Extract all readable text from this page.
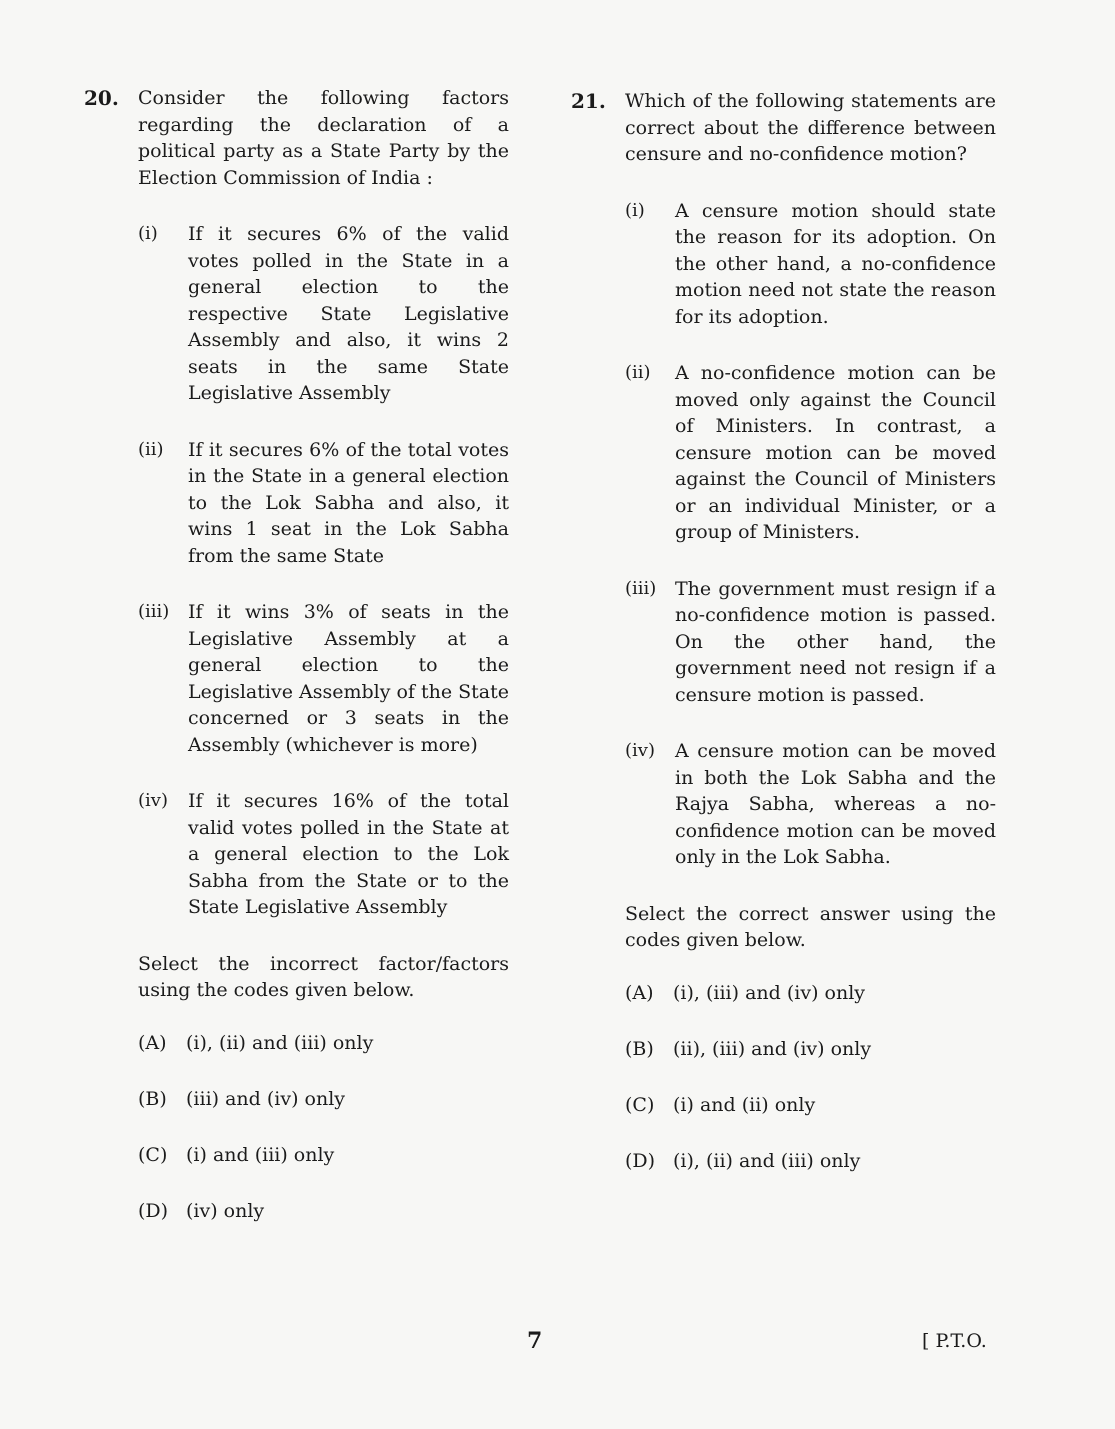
20.	Consider the following factors regarding the declaration of a political party as a State Party by the Election Commission of India :
(i)	If it secures 6% of the valid votes polled in the State in a general election to the respective State Legislative Assembly and also, it wins 2 seats in the same State Legislative Assembly
(ii)	If it secures 6% of the total votes in the State in a general election to the Lok Sabha and also, it wins 1 seat in the Lok Sabha from the same State
(iii) If it wins 3% of seats in the Legislative Assembly at a general election to the Legislative Assembly of the State concerned or 3 seats in the Assembly (whichever is more)
(iv)	If it secures 16% of the total valid votes polled in the State at a general election to the Lok Sabha from the State or to the State Legislative Assembly
Select the incorrect factor/factors using the codes given below.
(A)	(i), (ii) and (iii) only
(B)	(iii) and (iv) only
(C) (i) and (iii) only
(D) (iv) only
21.	Which of the following statements are correct about the difference between censure and no-confidence motion?
(i)	A censure motion should state the reason for its adoption. On the other hand, a no-confidence motion need not state the reason for its adoption.
(ii)	A no-confidence motion can be moved only against the Council of Ministers. In contrast, a censure motion can be moved against the Council of Ministers or an individual Minister, or a group of Ministers.
(iii) The government must resign if a no-confidence motion is passed. On the other hand, the government need not resign if a censure motion is passed.
(iv)	A censure motion can be moved in both the Lok Sabha and the Rajya Sabha, whereas a no-confidence motion can be moved only in the Lok Sabha.
Select the correct answer using the codes given below.
(A)	(i), (iii) and (iv) only
(B)	(ii), (iii) and (iv) only
(C) (i) and (ii) only
(D) (i), (ii) and (iii) only
7	[ P.T.O.
